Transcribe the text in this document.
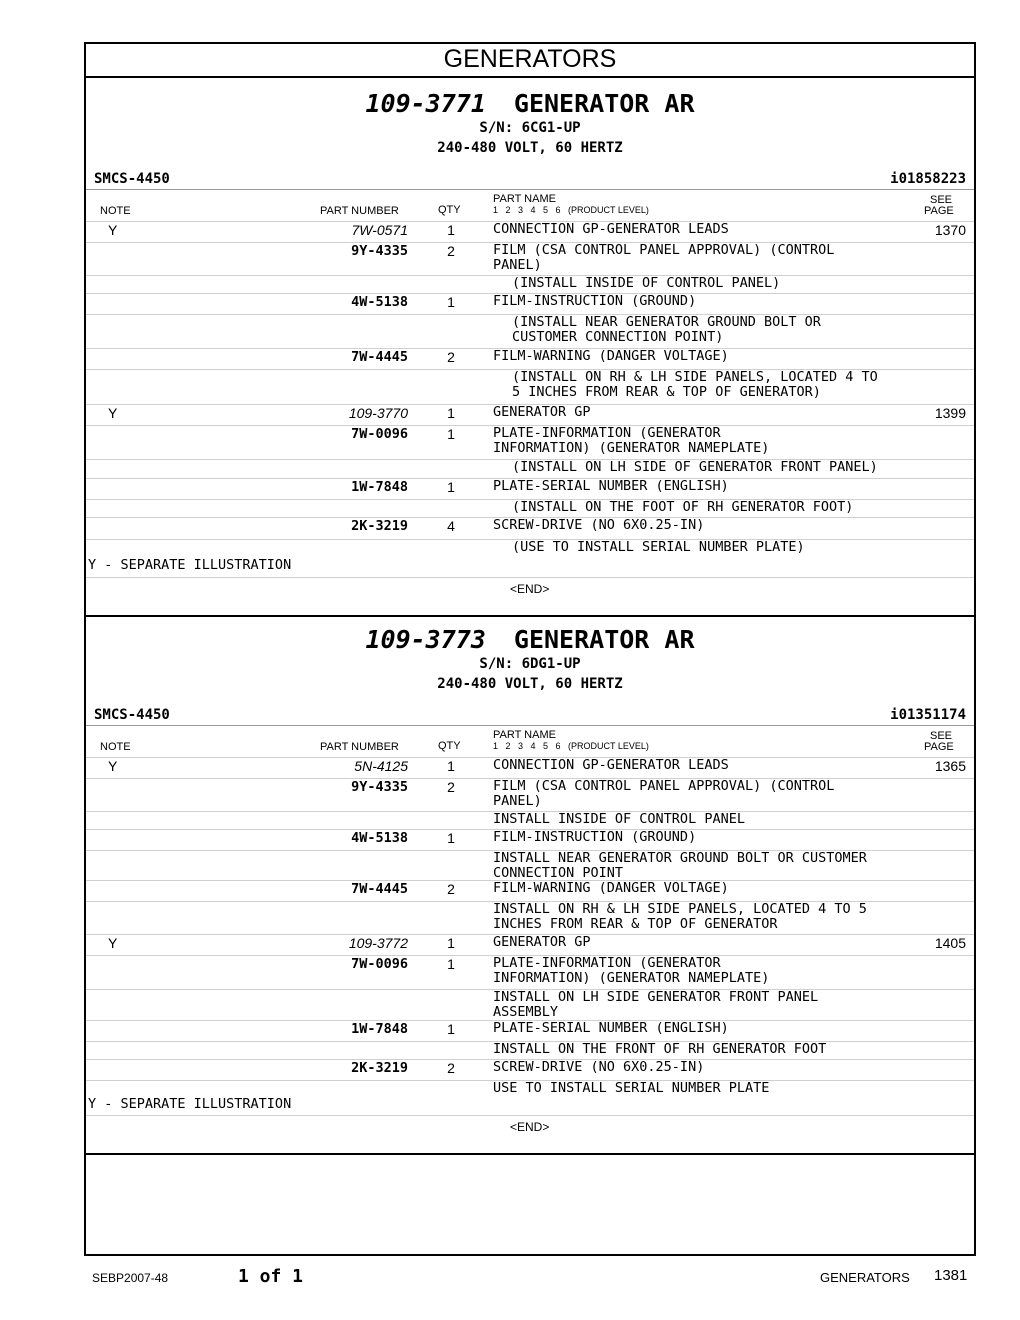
GENERATORS
109-3771 GENERATOR AR
S/N: 6CG1-UP
240-480 VOLT, 60 HERTZ
SMCS-4450	i01858223
NOTE	PART NUMBER	QTY
PART NAME
1   2   3   4   5   6   (PRODUCT LEVEL)
SEE
PAGE
Y	7W-0571	1	CONNECTION GP-GENERATOR LEADS	1370
9Y-4335	2	FILM (CSA CONTROL PANEL APPROVAL) (CONTROL
PANEL)
(INSTALL INSIDE OF CONTROL PANEL)
4W-5138	1	FILM-INSTRUCTION (GROUND)
(INSTALL NEAR GENERATOR GROUND BOLT OR
CUSTOMER CONNECTION POINT)
7W-4445	2	FILM-WARNING (DANGER VOLTAGE)
(INSTALL ON RH & LH SIDE PANELS, LOCATED 4 TO
5 INCHES FROM REAR & TOP OF GENERATOR)
Y	109-3770	1	GENERATOR GP	1399
7W-0096	1	PLATE-INFORMATION (GENERATOR
INFORMATION) (GENERATOR NAMEPLATE)
(INSTALL ON LH SIDE OF GENERATOR FRONT PANEL)
1W-7848	1	PLATE-SERIAL NUMBER (ENGLISH)
(INSTALL ON THE FOOT OF RH GENERATOR FOOT)
2K-3219	4	SCREW-DRIVE (NO 6X0.25-IN)
(USE TO INSTALL SERIAL NUMBER PLATE)
Y - SEPARATE ILLUSTRATION
<END>
109-3773 GENERATOR AR
S/N: 6DG1-UP
240-480 VOLT, 60 HERTZ
SMCS-4450	i01351174
NOTE	PART NUMBER	QTY
PART NAME
1   2   3   4   5   6   (PRODUCT LEVEL)
SEE
PAGE
Y	5N-4125	1	CONNECTION GP-GENERATOR LEADS	1365
9Y-4335	2	FILM (CSA CONTROL PANEL APPROVAL) (CONTROL
PANEL)
INSTALL INSIDE OF CONTROL PANEL
4W-5138	1	FILM-INSTRUCTION (GROUND)
INSTALL NEAR GENERATOR GROUND BOLT OR CUSTOMER
CONNECTION POINT
7W-4445	2	FILM-WARNING (DANGER VOLTAGE)
INSTALL ON RH & LH SIDE PANELS, LOCATED 4 TO 5
INCHES FROM REAR & TOP OF GENERATOR
Y	109-3772	1	GENERATOR GP	1405
7W-0096	1	PLATE-INFORMATION (GENERATOR
INFORMATION) (GENERATOR NAMEPLATE)
INSTALL ON LH SIDE GENERATOR FRONT PANEL
ASSEMBLY
1W-7848	1	PLATE-SERIAL NUMBER (ENGLISH)
INSTALL ON THE FRONT OF RH GENERATOR FOOT
2K-3219	2	SCREW-DRIVE (NO 6X0.25-IN)
USE TO INSTALL SERIAL NUMBER PLATE
Y - SEPARATE ILLUSTRATION
<END>
SEBP2007-48	1 of 1	GENERATORS 1381
